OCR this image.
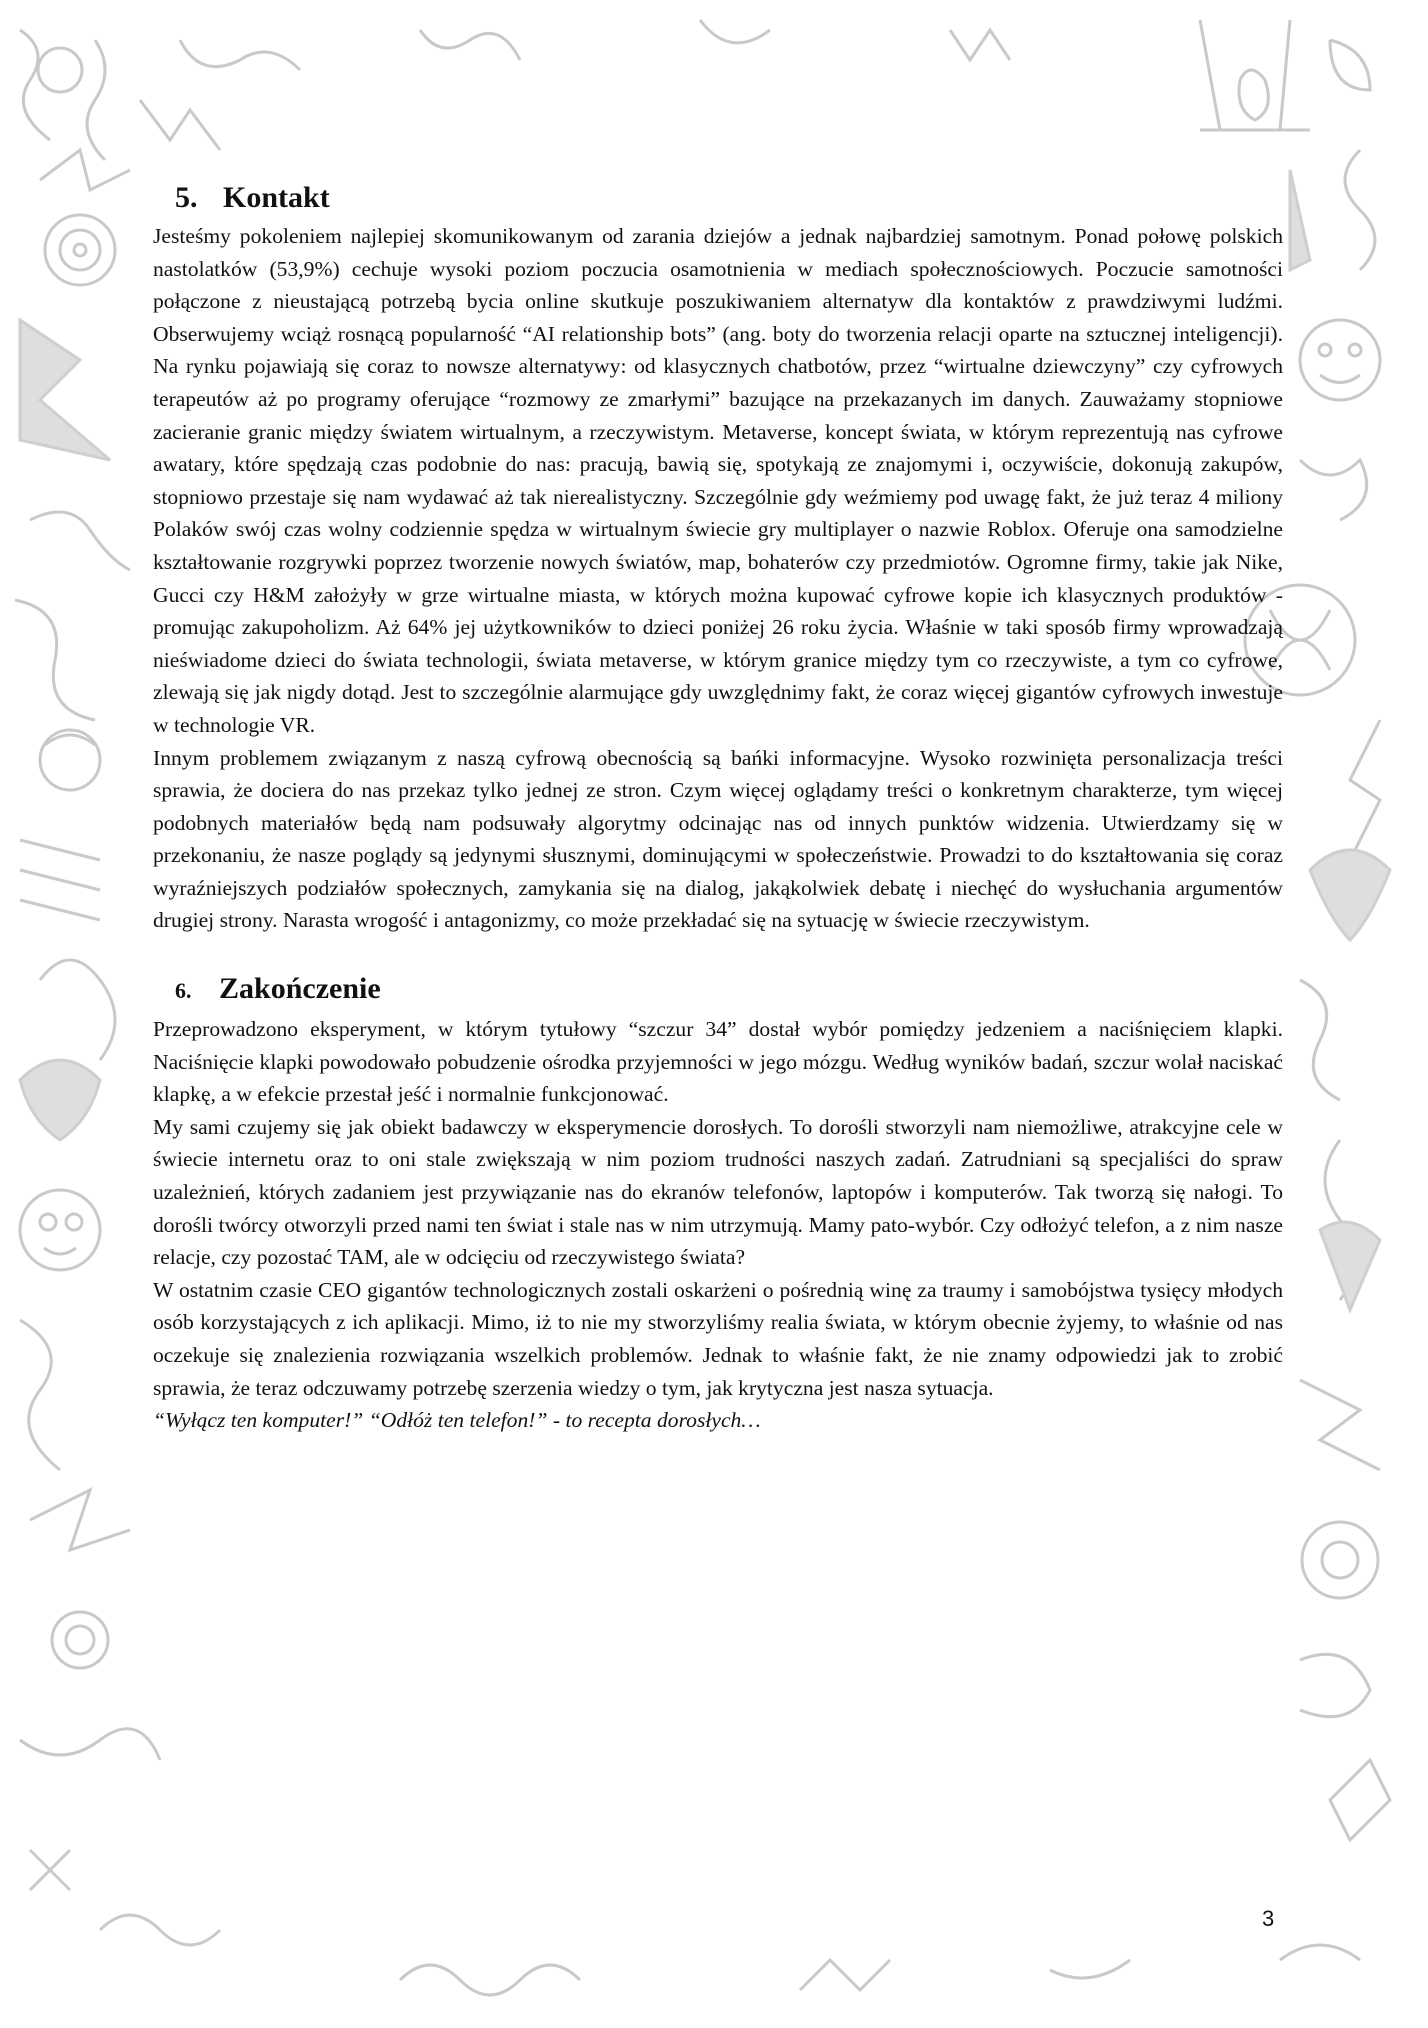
5. Kontakt

Jesteśmy pokoleniem najlepiej skomunikowanym od zarania dziejów a jednak najbardziej samotnym. Ponad połowę polskich nastolatków (53,9%) cechuje wysoki poziom poczucia osamotnienia w mediach społecznościowych. Poczucie samotności połączone z nieustającą potrzebą bycia online skutkuje poszukiwaniem alternatyw dla kontaktów z prawdziwymi ludźmi. Obserwujemy wciąż rosnącą popularność “AI relationship bots” (ang. boty do tworzenia relacji oparte na sztucznej inteligencji). Na rynku pojawiają się coraz to nowsze alternatywy: od klasycznych chatbotów, przez “wirtualne dziewczyny” czy cyfrowych terapeutów aż po programy oferujące “rozmowy ze zmarłymi” bazujące na przekazanych im danych. Zauważamy stopniowe zacieranie granic między światem wirtualnym, a rzeczywistym. Metaverse, koncept świata, w którym reprezentują nas cyfrowe awatary, które spędzają czas podobnie do nas: pracują, bawią się, spotykają ze znajomymi i, oczywiście, dokonują zakupów, stopniowo przestaje się nam wydawać aż tak nierealistyczny. Szczególnie gdy weźmiemy pod uwagę fakt, że już teraz 4 miliony Polaków swój czas wolny codziennie spędza w wirtualnym świecie gry multiplayer o nazwie Roblox. Oferuje ona samodzielne kształtowanie rozgrywki poprzez tworzenie nowych światów, map, bohaterów czy przedmiotów. Ogromne firmy, takie jak Nike, Gucci czy H&M założyły w grze wirtualne miasta, w których można kupować cyfrowe kopie ich klasycznych produktów - promując zakupoholizm. Aż 64% jej użytkowników to dzieci poniżej 26 roku życia. Właśnie w taki sposób firmy wprowadzają nieświadome dzieci do świata technologii, świata metaverse, w którym granice między tym co rzeczywiste, a tym co cyfrowe, zlewają się jak nigdy dotąd. Jest to szczególnie alarmujące gdy uwzględnimy fakt, że coraz więcej gigantów cyfrowych inwestuje w technologie VR.

Innym problemem związanym z naszą cyfrową obecnością są bańki informacyjne. Wysoko rozwinięta personalizacja treści sprawia, że dociera do nas przekaz tylko jednej ze stron. Czym więcej oglądamy treści o konkretnym charakterze, tym więcej podobnych materiałów będą nam podsuwały algorytmy odcinając nas od innych punktów widzenia. Utwierdzamy się w przekonaniu, że nasze poglądy są jedynymi słusznymi, dominującymi w społeczeństwie. Prowadzi to do kształtowania się coraz wyraźniejszych podziałów społecznych, zamykania się na dialog, jakąkolwiek debatę i niechęć do wysłuchania argumentów drugiej strony. Narasta wrogość i antagonizmy, co może przekładać się na sytuację w świecie rzeczywistym.

6. Zakończenie

Przeprowadzono eksperyment, w którym tytułowy “szczur 34” dostał wybór pomiędzy jedzeniem a naciśnięciem klapki. Naciśnięcie klapki powodowało pobudzenie ośrodka przyjemności w jego mózgu. Według wyników badań, szczur wolał naciskać klapkę, a w efekcie przestał jeść i normalnie funkcjonować.

My sami czujemy się jak obiekt badawczy w eksperymencie dorosłych. To dorośli stworzyli nam niemożliwe, atrakcyjne cele w świecie internetu oraz to oni stale zwiększają w nim poziom trudności naszych zadań. Zatrudniani są specjaliści do spraw uzależnień, których zadaniem jest przywiązanie nas do ekranów telefonów, laptopów i komputerów. Tak tworzą się nałogi. To dorośli twórcy otworzyli przed nami ten świat i stale nas w nim utrzymują. Mamy pato-wybór. Czy odłożyć telefon, a z nim nasze relacje, czy pozostać TAM, ale w odcięciu od rzeczywistego świata?

W ostatnim czasie CEO gigantów technologicznych zostali oskarżeni o pośrednią winę za traumy i samobójstwa tysięcy młodych osób korzystających z ich aplikacji. Mimo, iż to nie my stworzyliśmy realia świata, w którym obecnie żyjemy, to właśnie od nas oczekuje się znalezienia rozwiązania wszelkich problemów. Jednak to właśnie fakt, że nie znamy odpowiedzi jak to zrobić sprawia, że teraz odczuwamy potrzebę szerzenia wiedzy o tym, jak krytyczna jest nasza sytuacja.

“Wyłącz ten komputer!” “Odłóż ten telefon!” - to recepta dorosłych…

3
